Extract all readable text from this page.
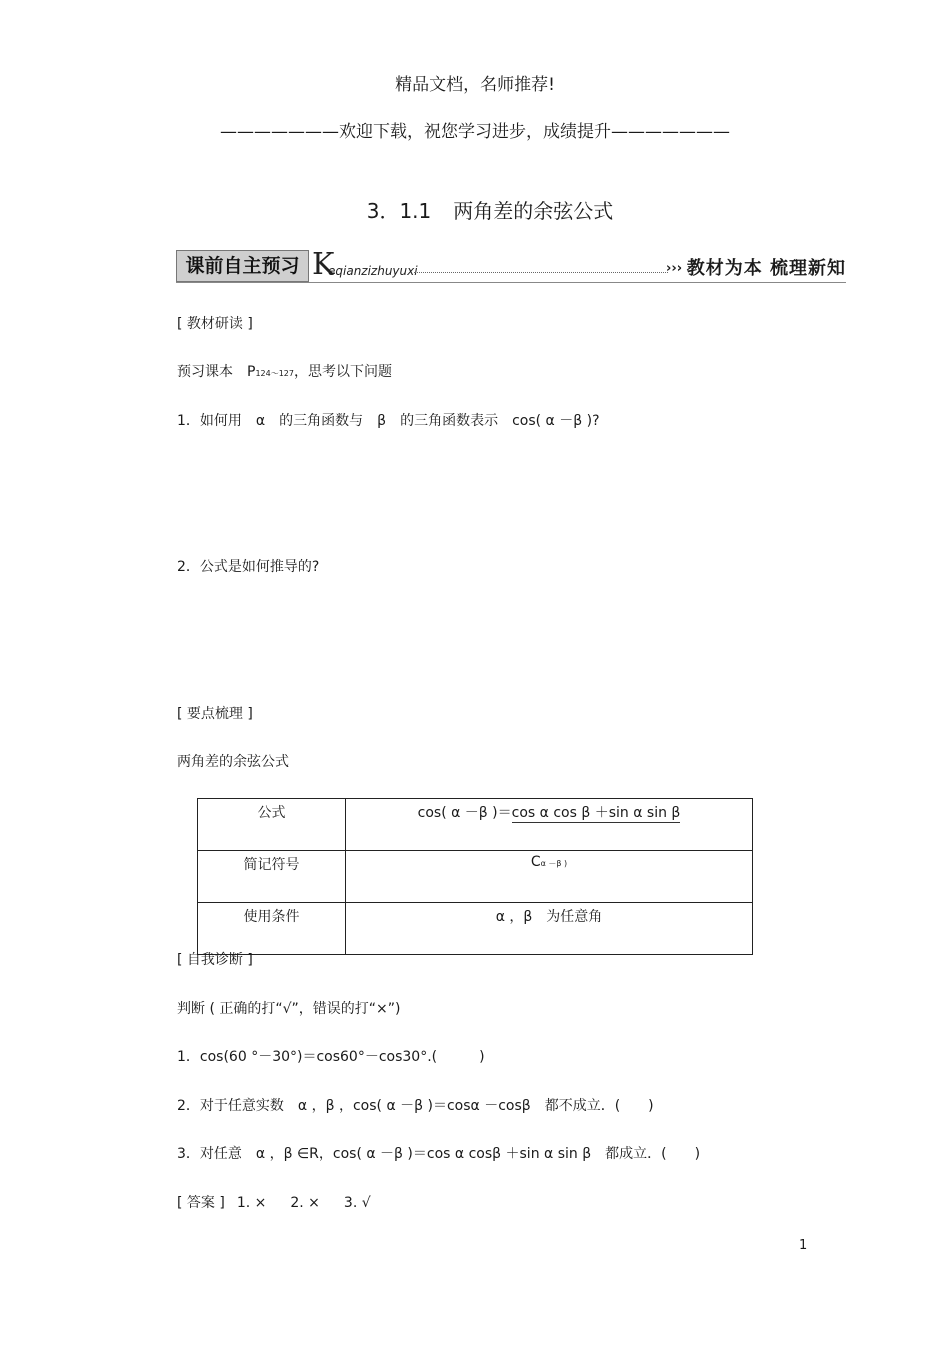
精品文档，名师推荐!
———————欢迎下载，祝您学习进步，成绩提升———————
3．1.1 两角差的余弦公式
课前自主预习 K
eqianzizhuyuxi	››› 教材为本 梳理新知
[ 教材研读 ]
预习课本　P124～127，思考以下问题
1．如何用　α　的三角函数与　β　的三角函数表示　cos( α －β )?
2．公式是如何推导的?
[ 要点梳理 ]
两角差的余弦公式
公式	cos( α －β )＝cos α cos β ＋sin α sin β
简记符号	Cα －β )
使用条件	α ，β　为任意角
[ 自我诊断 ]
判断 ( 正确的打“√”，错误的打“×”)
1．cos(60 °－30°)＝cos60°－cos30°.(　　　)
2．对于任意实数　α ，β ，cos( α －β )＝cosα －cosβ　都不成立．(　　)
3．对任意　α ，β ∈R，cos( α －β )＝cos α cosβ ＋sin α sin β　都成立．(　　)
[ 答案 ] 1. × 2. × 3. √
1
